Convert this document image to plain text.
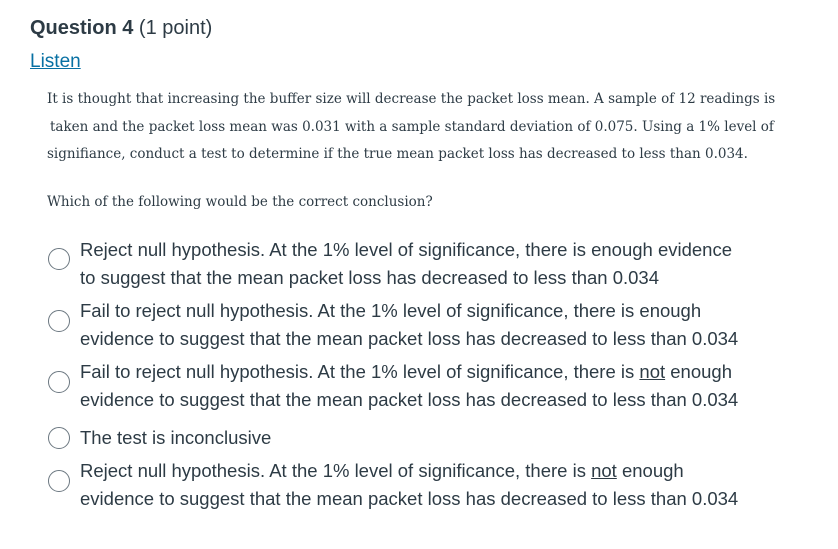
Question 4 (1 point)
Listen

It is thought that increasing the buffer size will decrease the packet loss mean. A sample of 12 readings is

taken and the packet loss mean was 0.031 with a sample standard deviation of 0.075. Using a 1% level of

signifiance, conduct a test to determine if the true mean packet loss has decreased to less than 0.034.

Which of the following would be the correct conclusion?
Reject null hypothesis. At the 1% level of significance, there is enough evidence
to suggest that the mean packet loss has decreased to less than 0.034
Fail to reject null hypothesis. At the 1% level of significance, there is enough
evidence to suggest that the mean packet loss has decreased to less than 0.034
Fail to reject null hypothesis. At the 1% level of significance, there is not enough
evidence to suggest that the mean packet loss has decreased to less than 0.034
The test is inconclusive
Reject null hypothesis. At the 1% level of significance, there is not enough
evidence to suggest that the mean packet loss has decreased to less than 0.034
